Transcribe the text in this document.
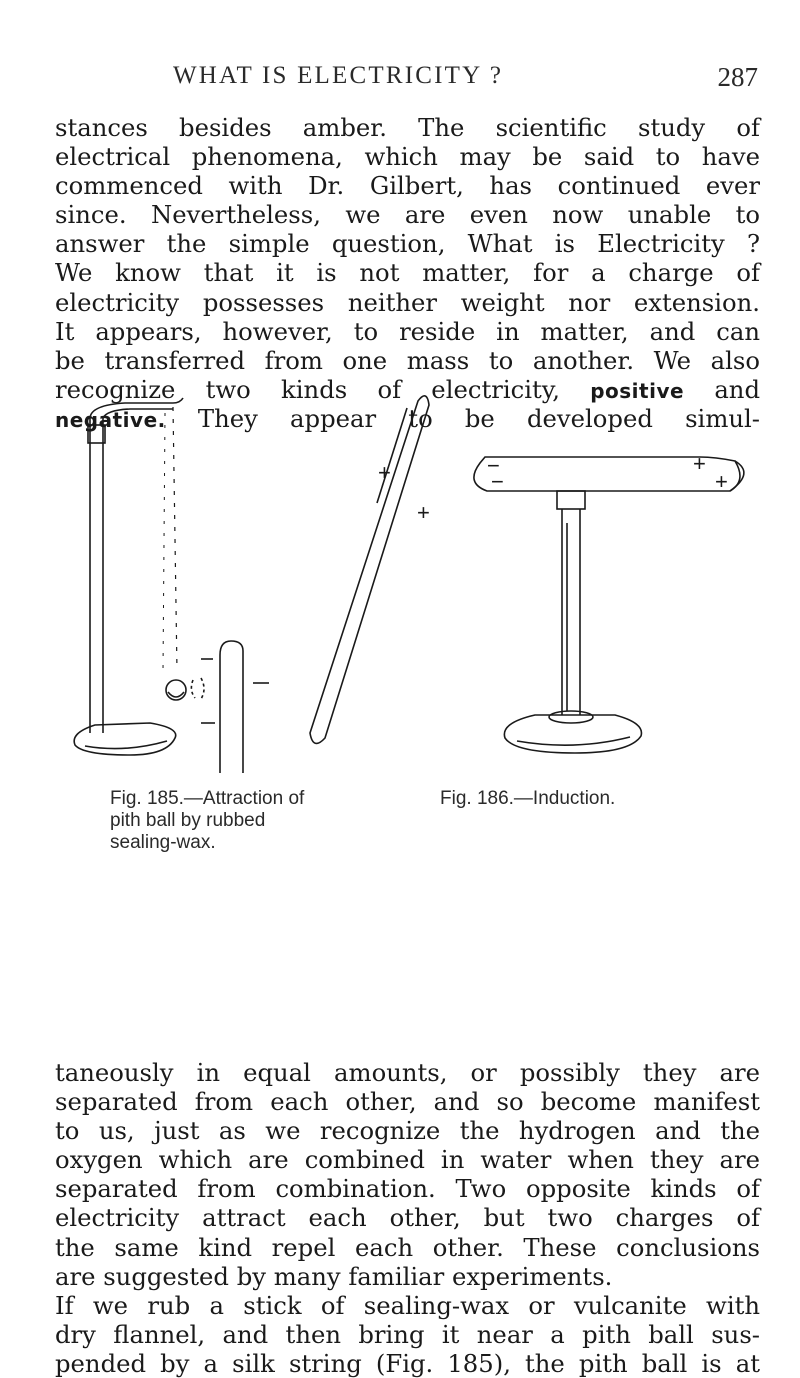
WHAT IS ELECTRICITY ?	287
stances besides amber. The scientific study of
electrical phenomena, which may be said to have
commenced with Dr. Gilbert, has continued ever
since. Nevertheless, we are even now unable to
answer the simple question, What is Electricity ?
We know that it is not matter, for a charge of
electricity possesses neither weight nor extension.
It appears, however, to reside in matter, and can
be transferred from one mass to another. We also
recognize two kinds of electricity, positive and
negative. They appear to be developed simul-
+
+
−
−
+
+
Fig. 185.—Attraction of
pith ball by rubbed
sealing-wax.
Fig. 186.—Induction.
taneously in equal amounts, or possibly they are
separated from each other, and so become manifest
to us, just as we recognize the hydrogen and the
oxygen which are combined in water when they are
separated from combination. Two opposite kinds of
electricity attract each other, but two charges of
the same kind repel each other. These conclusions
are suggested by many familiar experiments.
If we rub a stick of sealing-wax or vulcanite with
dry flannel, and then bring it near a pith ball sus-
pended by a silk string (Fig. 185), the pith ball is at
